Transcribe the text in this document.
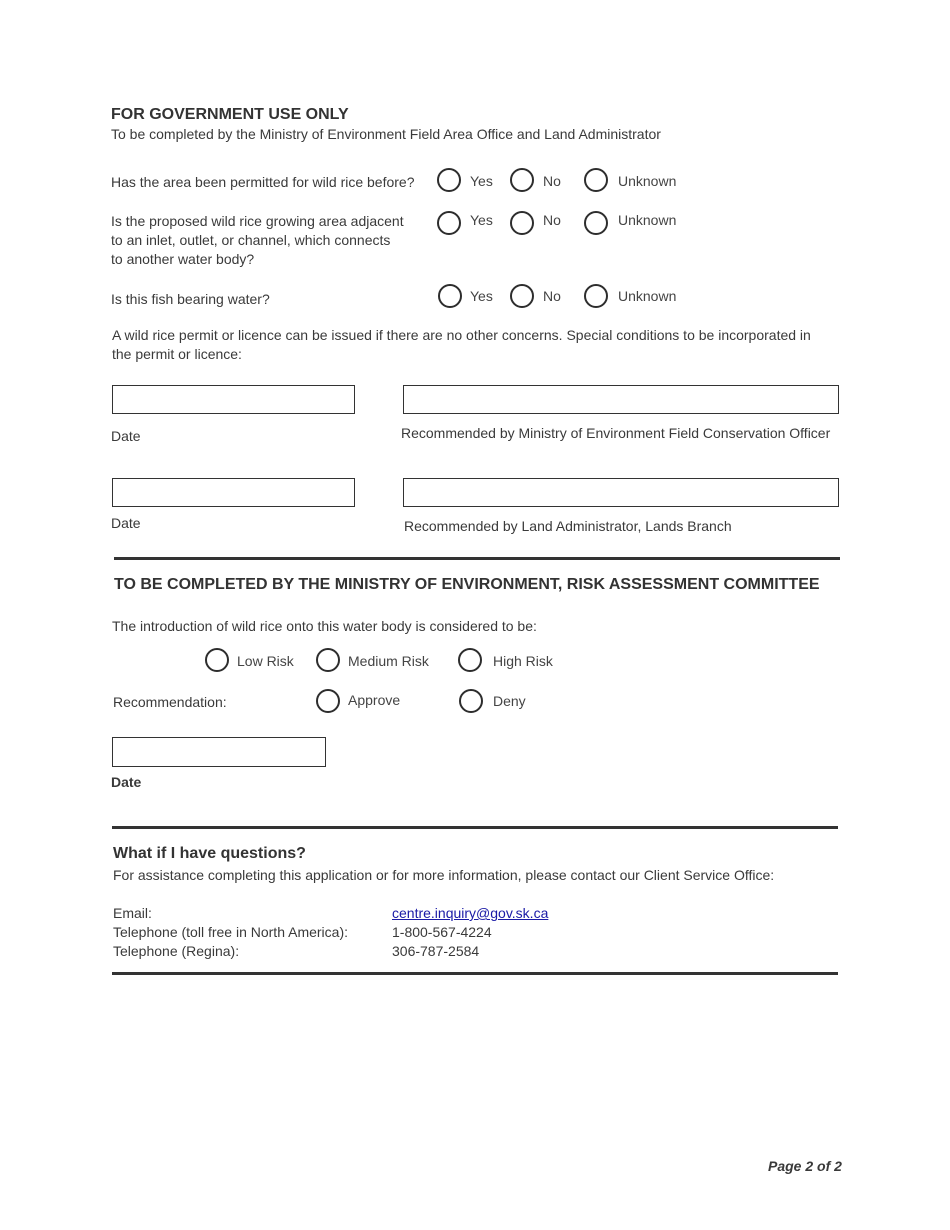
FOR GOVERNMENT USE ONLY
To be completed by the Ministry of Environment Field Area Office and Land Administrator
Has the area been permitted for wild rice before?	Yes	No	Unknown
Is the proposed wild rice growing area adjacent
to an inlet, outlet, or channel, which connects
to another water body?
Yes	No	Unknown
Is this fish bearing water?	Yes	No	Unknown
A wild rice permit or licence can be issued if there are no other concerns. Special conditions to be incorporated in
the permit or licence:
Date	Recommended by Ministry of Environment Field Conservation Officer
Date	Recommended by Land Administrator, Lands Branch
TO BE COMPLETED BY THE MINISTRY OF ENVIRONMENT, RISK ASSESSMENT COMMITTEE
The introduction of wild rice onto this water body is considered to be:
Low Risk	Medium Risk	High Risk
Recommendation:	Approve	Deny
Date
What if I have questions?
For assistance completing this application or for more information, please contact our Client Service Office:
Email:	centre.inquiry@gov.sk.ca
Telephone (toll free in North America):	1-800-567-4224
Telephone (Regina):	306-787-2584
Page 2 of 2
